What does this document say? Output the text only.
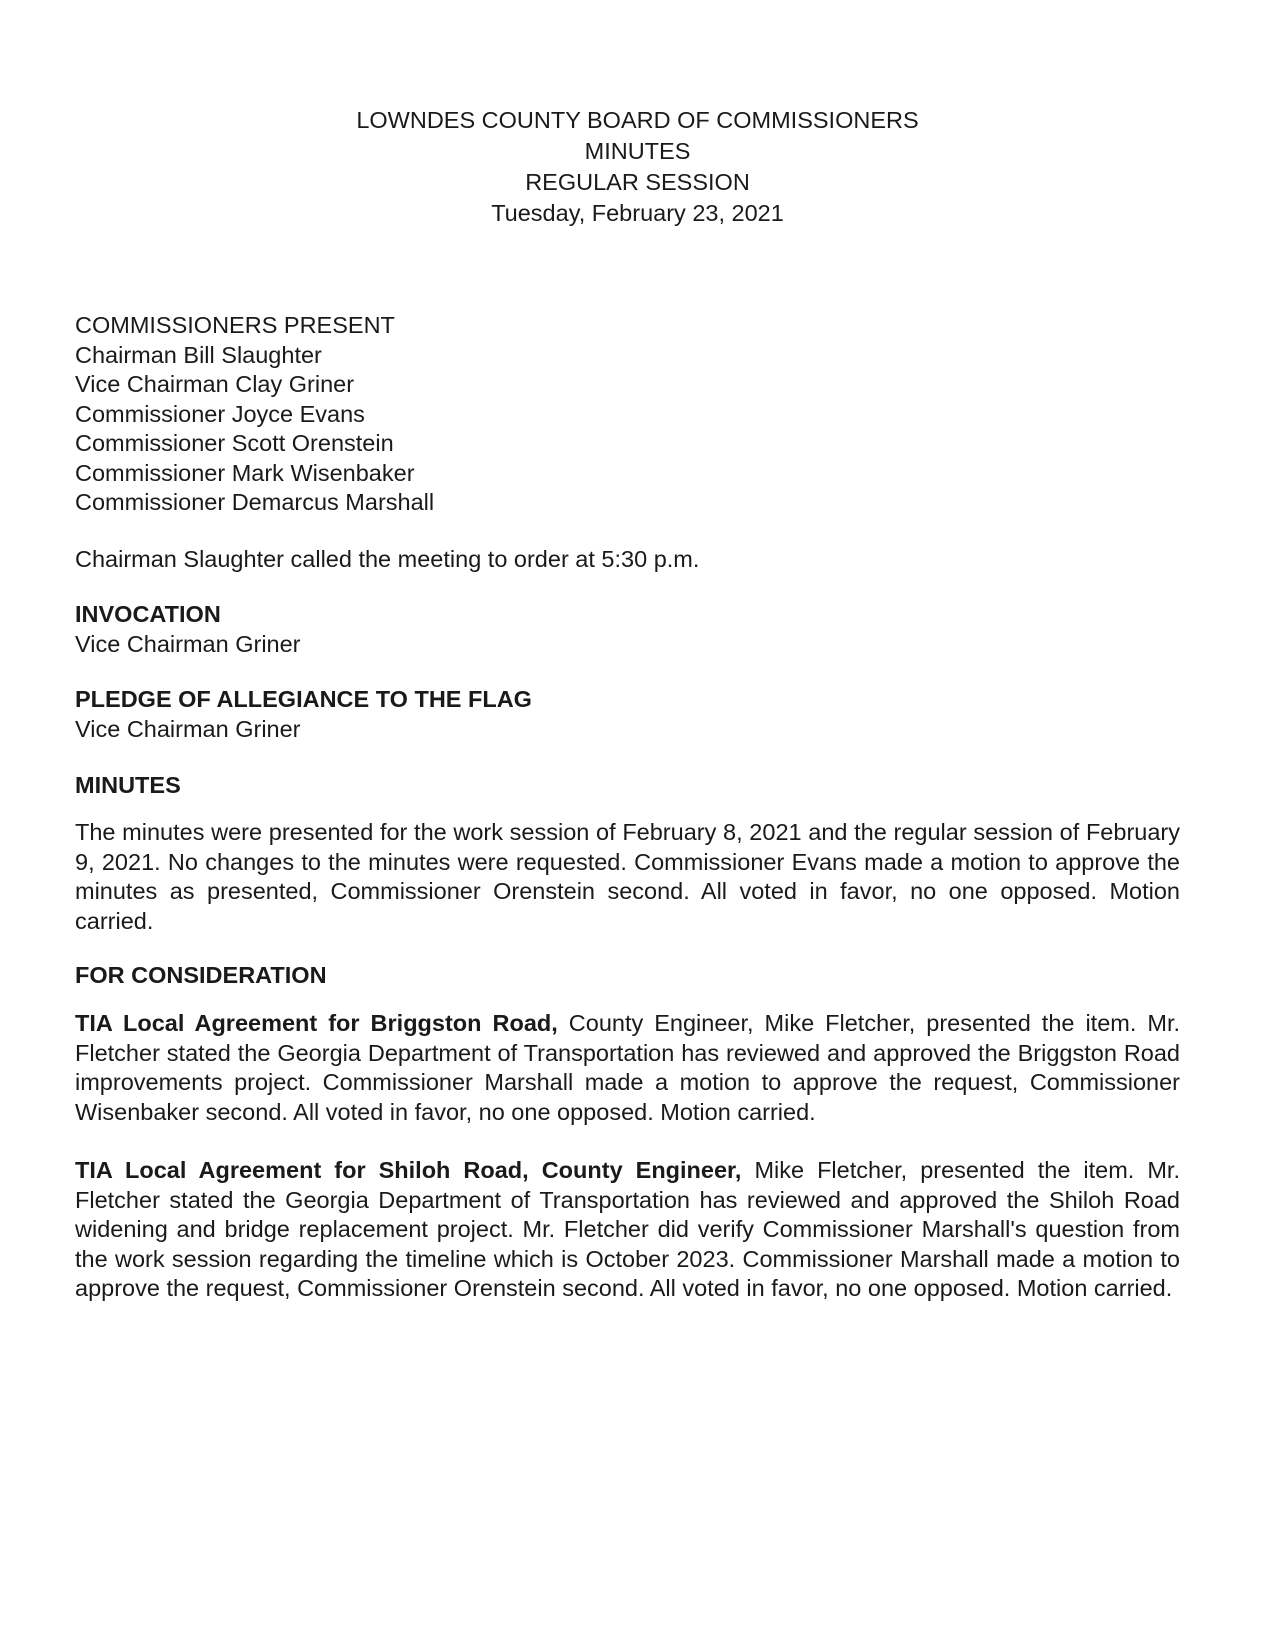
LOWNDES COUNTY BOARD OF COMMISSIONERS
MINUTES
REGULAR SESSION
Tuesday, February 23, 2021
COMMISSIONERS PRESENT
Chairman Bill Slaughter
Vice Chairman Clay Griner
Commissioner Joyce Evans
Commissioner Scott Orenstein
Commissioner Mark Wisenbaker
Commissioner Demarcus Marshall
Chairman Slaughter called the meeting to order at 5:30 p.m.
INVOCATION
Vice Chairman Griner
PLEDGE OF ALLEGIANCE TO THE FLAG
Vice Chairman Griner
MINUTES
The minutes were presented for the work session of February 8, 2021 and the regular session of February 9, 2021. No changes to the minutes were requested. Commissioner Evans made a motion to approve the minutes as presented, Commissioner Orenstein second. All voted in favor, no one opposed. Motion carried.
FOR CONSIDERATION
TIA Local Agreement for Briggston Road, County Engineer, Mike Fletcher, presented the item. Mr. Fletcher stated the Georgia Department of Transportation has reviewed and approved the Briggston Road improvements project. Commissioner Marshall made a motion to approve the request, Commissioner Wisenbaker second. All voted in favor, no one opposed. Motion carried.
TIA Local Agreement for Shiloh Road, County Engineer, Mike Fletcher, presented the item. Mr. Fletcher stated the Georgia Department of Transportation has reviewed and approved the Shiloh Road widening and bridge replacement project. Mr. Fletcher did verify Commissioner Marshall's question from the work session regarding the timeline which is October 2023. Commissioner Marshall made a motion to approve the request, Commissioner Orenstein second. All voted in favor, no one opposed. Motion carried.
